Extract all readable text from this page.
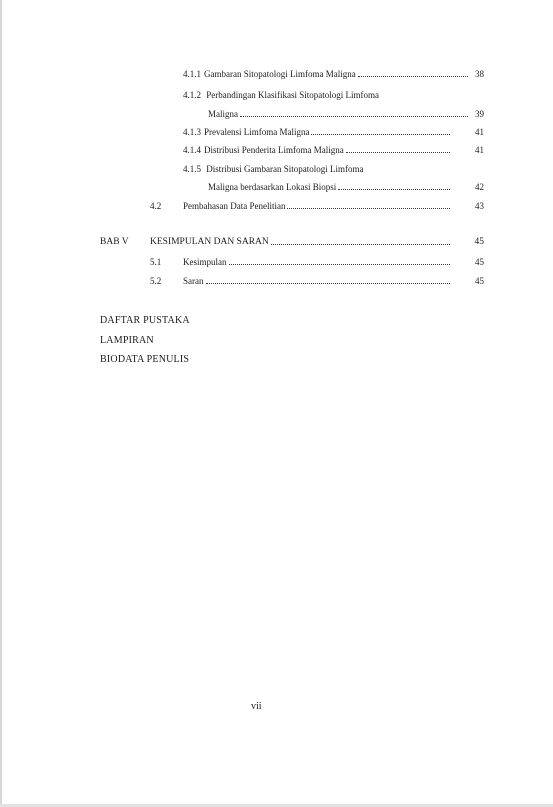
4.1.1 Gambaran Sitopatologi Limfoma Maligna	38
4.1.2 Perbandingan Klasifikasi Sitopatologi Limfoma
Maligna	39
4.1.3 Prevalensi Limfoma Maligna	41
4.1.4 Distribusi Penderita Limfoma Maligna	41
4.1.5 Distribusi Gambaran Sitopatologi Limfoma
Maligna berdasarkan Lokasi Biopsi	42
4.2	Pembahasan Data Penelitian	43
BAB V	KESIMPULAN DAN SARAN	45
5.1	Kesimpulan	45
5.2	Saran	45
DAFTAR PUSTAKA
LAMPIRAN
BIODATA PENULIS
vii
